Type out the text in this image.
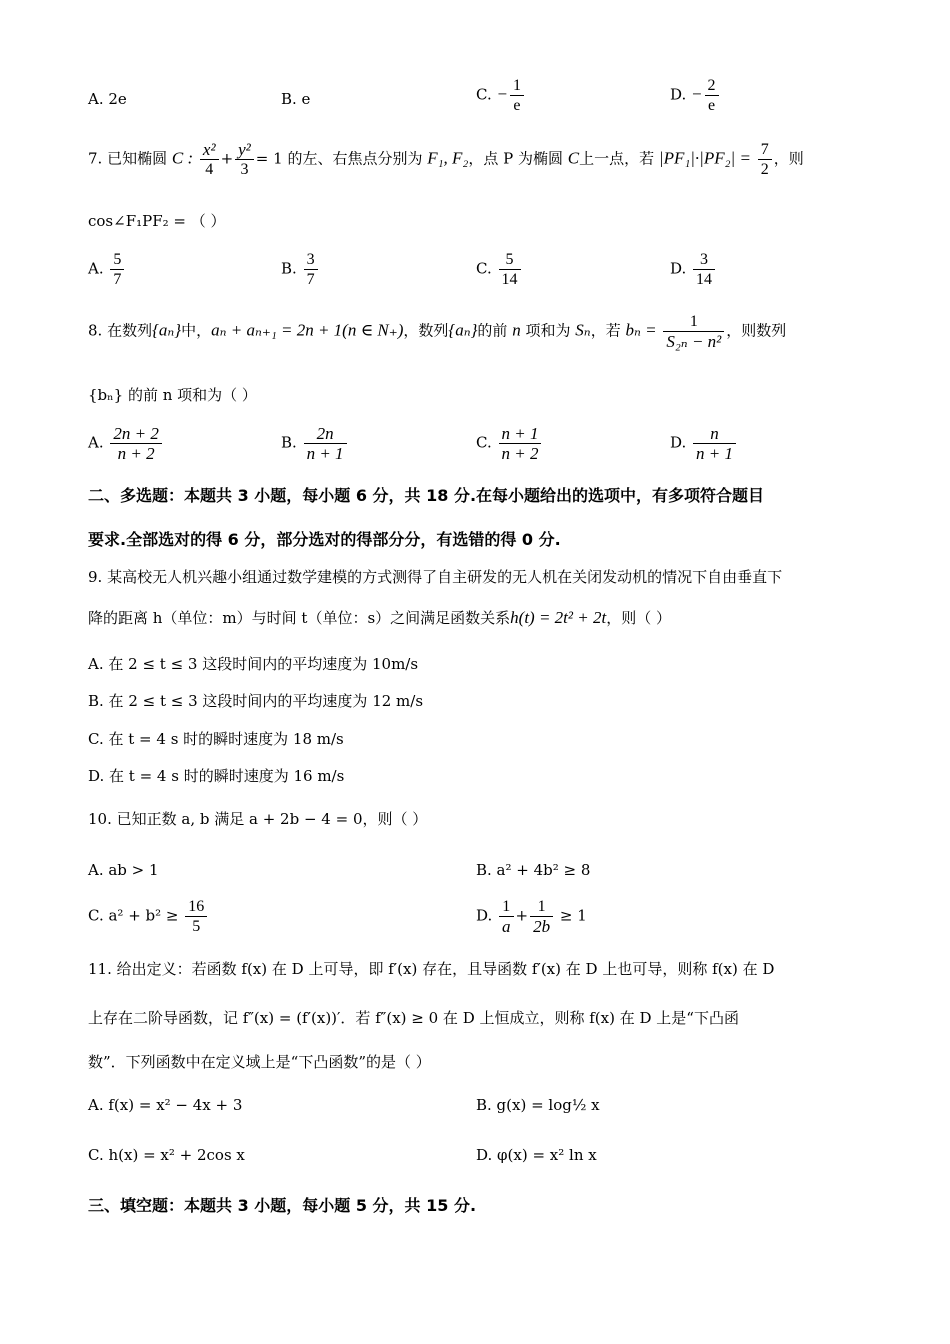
A. 2e	B. e	C. − $\frac{1}{e}$	D. − $\frac{2}{e}$
7. 已知椭圆 C : $\frac{\text{x²}}{4} + \frac{\text{y²}}{3} = 1$ 的左、右焦点分别为 F₁, F₂，点 P 为椭圆 C上一点，若 $|PF_1|\cdot|PF_2| = \frac{7}{2}$ ，则
cos∠F₁PF₂ = （ ）
A. $\frac{5}{7}$	B. $\frac{3}{7}$	C. $\frac{5}{14}$	D. $\frac{3}{14}$
8. 在数列{aₙ}中，aₙ + aₙ₊₁ = 2n + 1(n ∈ N₊)，数列{aₙ}的前 n 项和为 Sₙ，若 $b_n = \frac{1}{\text{S₂ₙ − n²}}$ ，则数列
{bₙ} 的前 n 项和为（ ）
A. $\frac{2n + 2}{n + 2}$	B. $\frac{2n}{n + 1}$	C. $\frac{n + 1}{n + 2}$	D. $\frac{n}{n + 1}$
二、多选题：本题共 3 小题，每小题 6 分，共 18 分.在每小题给出的选项中，有多项符合题目
要求.全部选对的得 6 分，部分选对的得部分分，有选错的得 0 分.
9. 某高校无人机兴趣小组通过数学建模的方式测得了自主研发的无人机在关闭发动机的情况下自由垂直下
降的距离 h（单位：m）与时间 t（单位：s）之间满足函数关系h(t) = 2t² + 2t，则（ ）
A. 在 2 ≤ t ≤ 3 这段时间内的平均速度为 10m/s
B. 在 2 ≤ t ≤ 3 这段时间内的平均速度为 12 m/s
C. 在 t = 4 s 时的瞬时速度为 18 m/s
D. 在 t = 4 s 时的瞬时速度为 16 m/s
10. 已知正数 a, b 满足 a + 2b − 4 = 0，则（ ）
A. ab > 1	B. a² + 4b² ≥ 8
C. $a^2 + b^2 \ge \frac{16}{5}$	D. $\frac{1}{a} + \frac{1}{2b} \ge 1$
11. 给出定义：若函数 f(x) 在 D 上可导，即 f′(x) 存在，且导函数 f′(x) 在 D 上也可导，则称 f(x) 在 D
上存在二阶导函数，记 f″(x) = (f′(x))′．若 f″(x) ≥ 0 在 D 上恒成立，则称 f(x) 在 D 上是“下凸函
数”．下列函数中在定义域上是“下凸函数”的是（ ）
A. f(x) = x² − 4x + 3	B. g(x) = log½ x
C. h(x) = x² + 2cos x	D. φ(x) = x² ln x
三、填空题：本题共 3 小题，每小题 5 分，共 15 分.
